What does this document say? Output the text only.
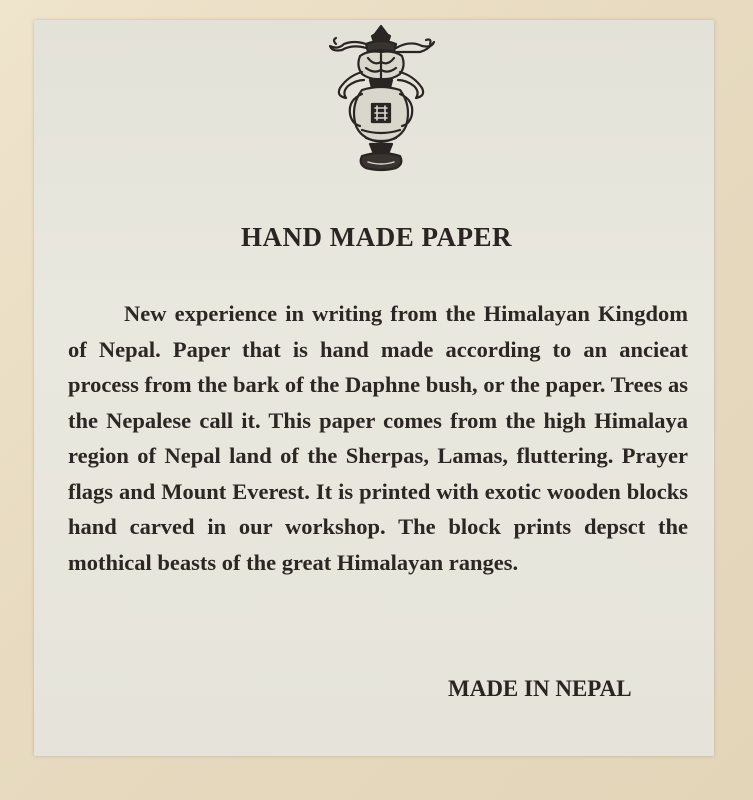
HAND MADE PAPER

New experience in writing from the Himalayan Kingdom of Nepal. Paper that is hand made according to an ancieat process from the bark of the Daphne bush, or the paper. Trees as the Nepalese call it. This paper comes from the high Himalaya region of Nepal land of the Sherpas, Lamas, fluttering. Prayer flags and Mount Everest. It is printed with exotic wooden blocks hand carved in our workshop. The block prints depsct the mothical beasts of the great Himalayan ranges.

MADE IN NEPAL
